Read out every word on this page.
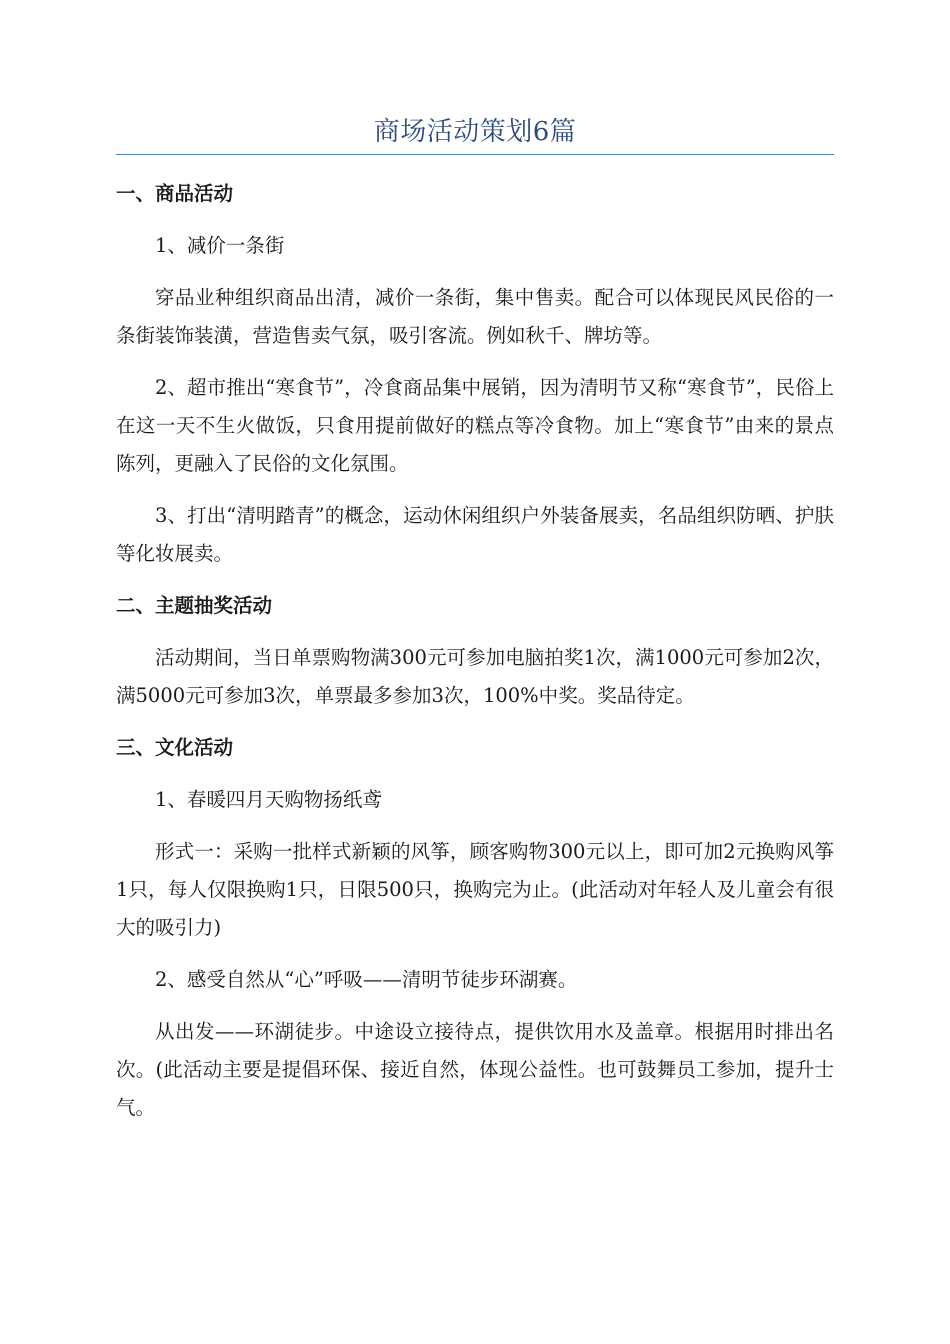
商场活动策划6篇
一、商品活动

1、减价一条街

穿品业种组织商品出清，减价一条街，集中售卖。配合可以体现民风民俗的一条街装饰装潢，营造售卖气氛，吸引客流。例如秋千、牌坊等。

2、超市推出“寒食节”，冷食商品集中展销，因为清明节又称“寒食节”，民俗上在这一天不生火做饭，只食用提前做好的糕点等冷食物。加上“寒食节”由来的景点陈列，更融入了民俗的文化氛围。

3、打出“清明踏青”的概念，运动休闲组织户外装备展卖，名品组织防晒、护肤等化妆展卖。

二、主题抽奖活动

活动期间，当日单票购物满300元可参加电脑拍奖1次，满1000元可参加2次，满5000元可参加3次，单票最多参加3次，100%中奖。奖品待定。

三、文化活动

1、春暖四月天购物扬纸鸢

形式一：采购一批样式新颖的风筝，顾客购物300元以上，即可加2元换购风筝1只，每人仅限换购1只，日限500只，换购完为止。(此活动对年轻人及儿童会有很大的吸引力)

2、感受自然从“心”呼吸——清明节徒步环湖赛。

从出发——环湖徒步。中途设立接待点，提供饮用水及盖章。根据用时排出名次。(此活动主要是提倡环保、接近自然，体现公益性。也可鼓舞员工参加，提升士气。
